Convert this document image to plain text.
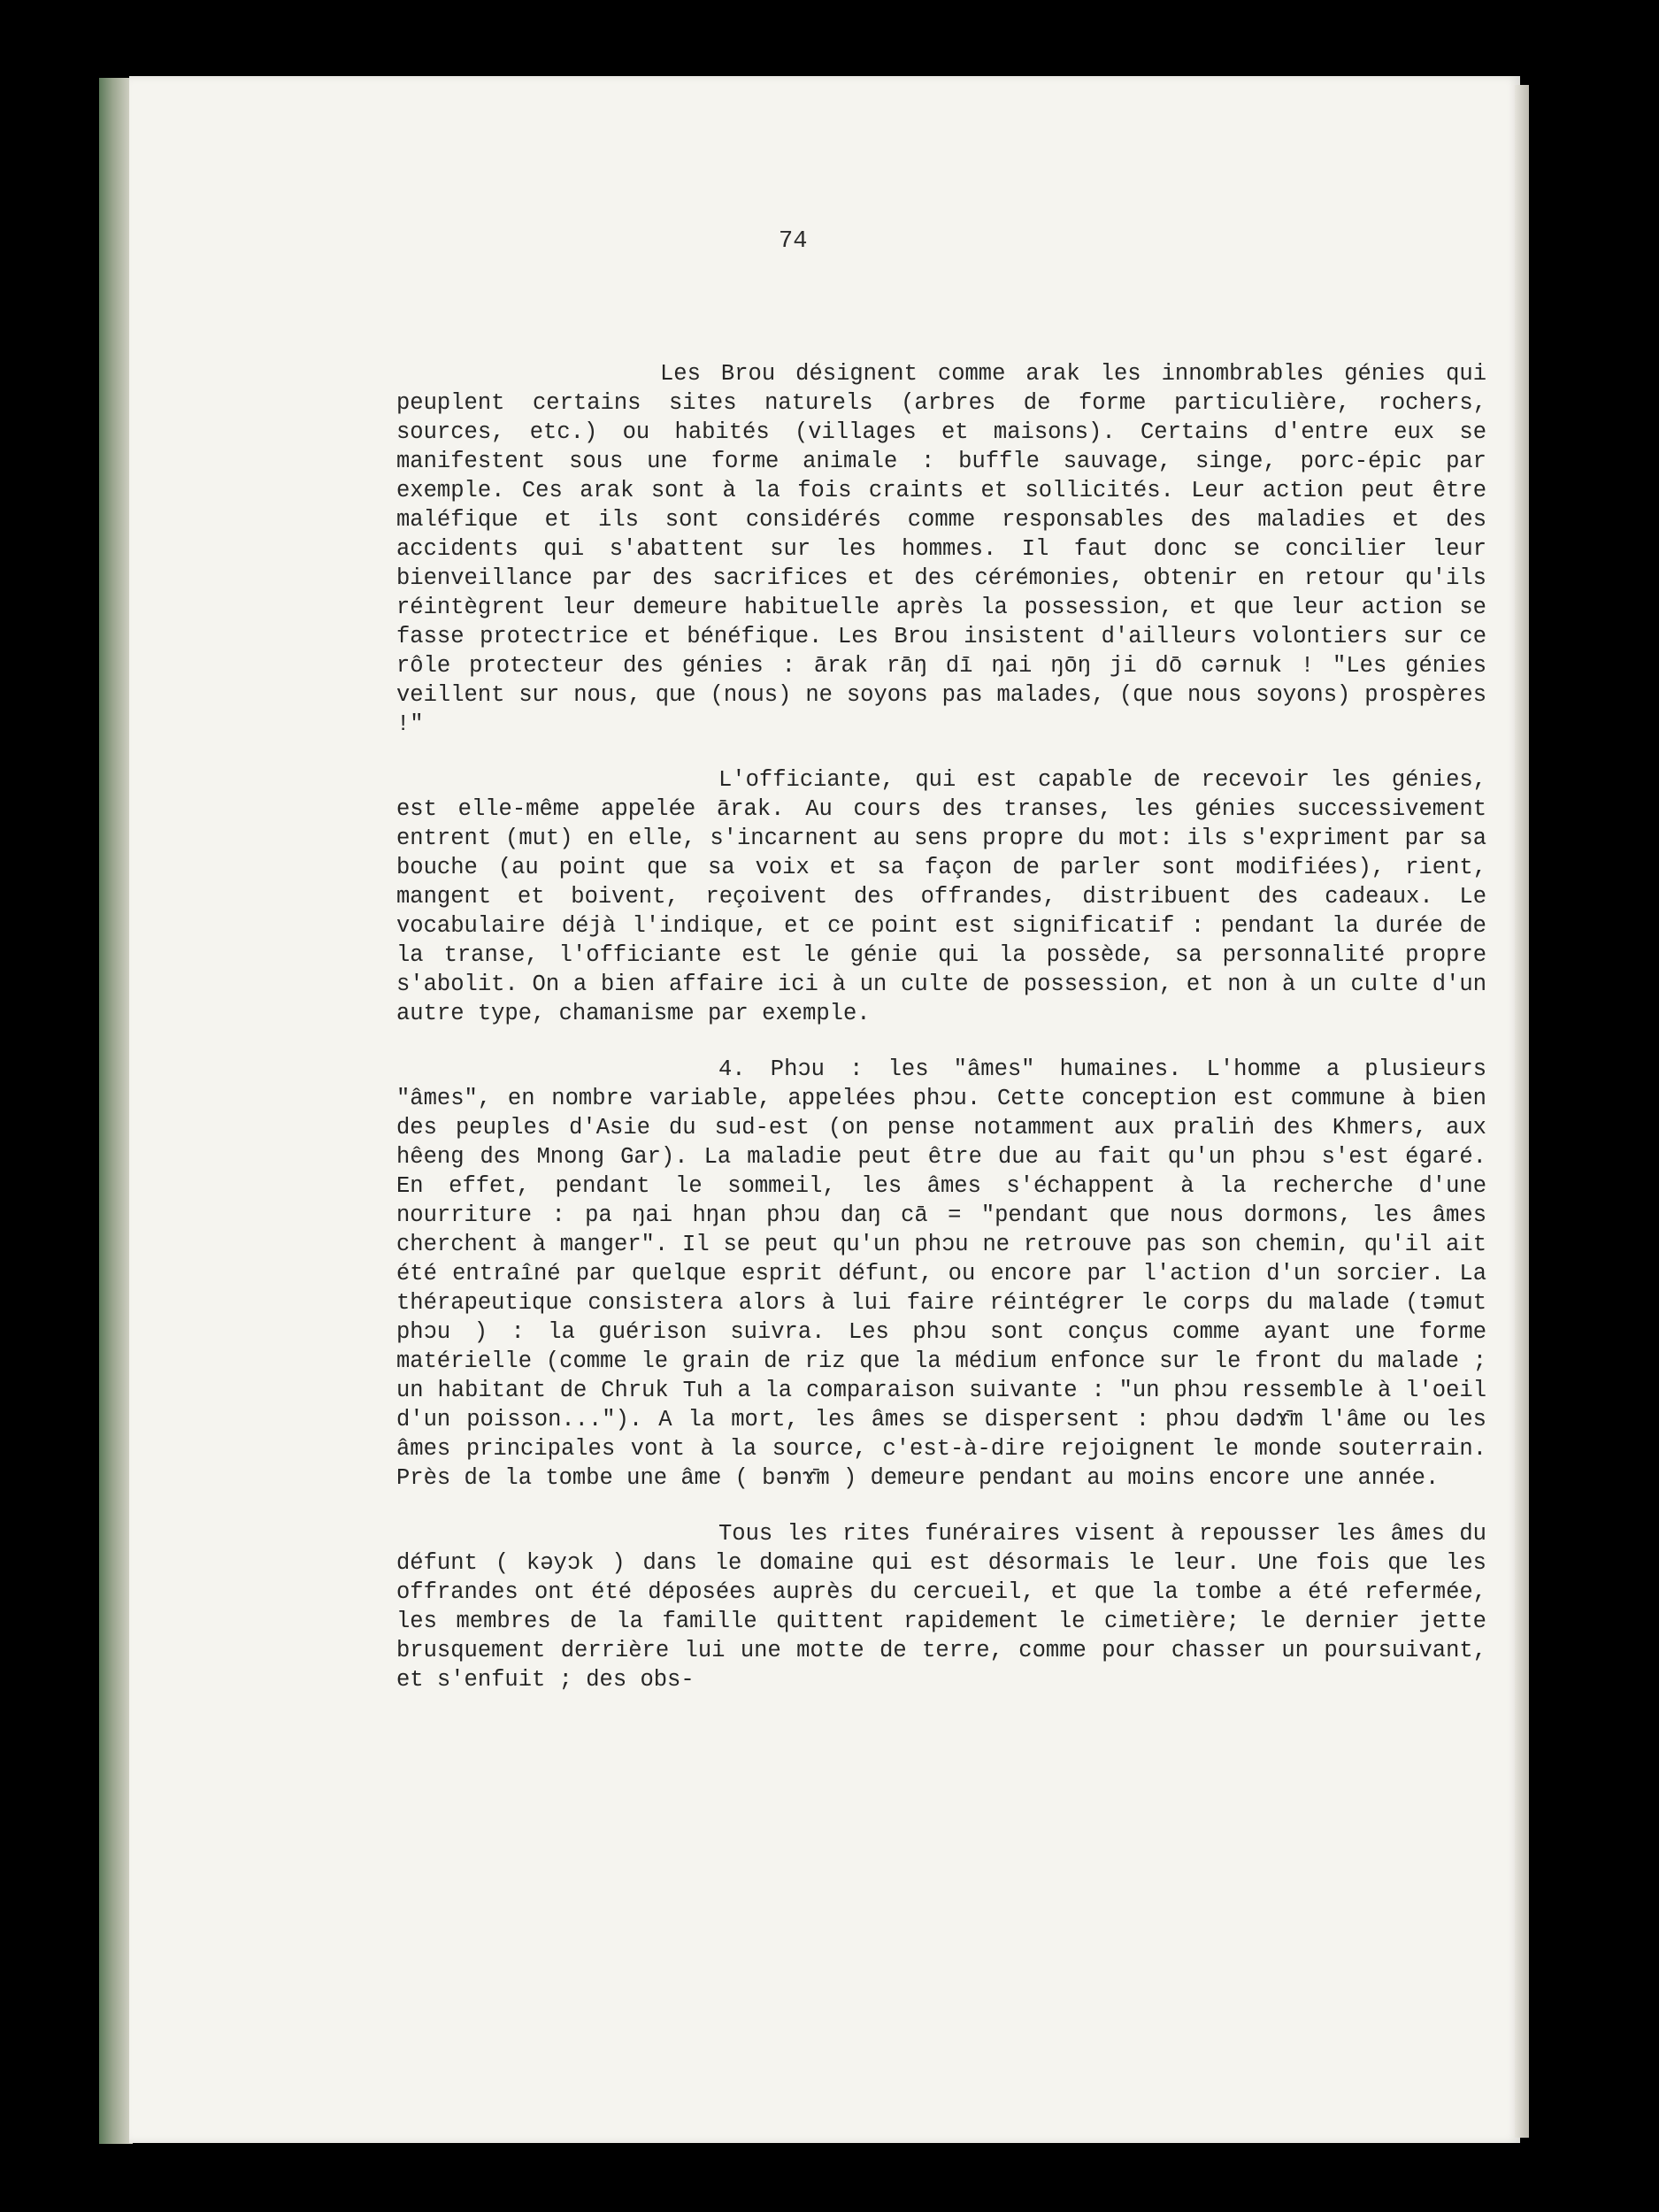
74

Les Brou désignent comme arak les innombrables génies qui peuplent certains sites naturels (arbres de forme particulière, rochers, sources, etc.) ou habités (villages et maisons). Certains d'entre eux se manifestent sous une forme animale : buffle sauvage, singe, porc-épic par exemple. Ces arak sont à la fois craints et sollicités. Leur action peut être maléfique et ils sont considérés comme responsables des maladies et des accidents qui s'abattent sur les hommes. Il faut donc se concilier leur bienveillance par des sacrifices et des cérémonies, obtenir en retour qu'ils réintègrent leur demeure habituelle après la possession, et que leur action se fasse protectrice et bénéfique. Les Brou insistent d'ailleurs volontiers sur ce rôle protecteur des génies : ārak rāŋ dī ŋai ŋōŋ ji dō cərnuk ! "Les génies veillent sur nous, que (nous) ne soyons pas malades, (que nous soyons) prospères !"

L'officiante, qui est capable de recevoir les génies, est elle-même appelée ārak. Au cours des transes, les génies successivement entrent (mut) en elle, s'incarnent au sens propre du mot: ils s'expriment par sa bouche (au point que sa voix et sa façon de parler sont modifiées), rient, mangent et boivent, reçoivent des offrandes, distribuent des cadeaux. Le vocabulaire déjà l'indique, et ce point est significatif : pendant la durée de la transe, l'officiante est le génie qui la possède, sa personnalité propre s'abolit. On a bien affaire ici à un culte de possession, et non à un culte d'un autre type, chamanisme par exemple.

4. Phɔu : les "âmes" humaines. L'homme a plusieurs "âmes", en nombre variable, appelées phɔu. Cette conception est commune à bien des peuples d'Asie du sud-est (on pense notamment aux praliṅ des Khmers, aux hêeng des Mnong Gar). La maladie peut être due au fait qu'un phɔu s'est égaré. En effet, pendant le sommeil, les âmes s'échappent à la recherche d'une nourriture : pa ŋai hŋan phɔu daŋ cā = "pendant que nous dormons, les âmes cherchent à manger". Il se peut qu'un phɔu ne retrouve pas son chemin, qu'il ait été entraîné par quelque esprit défunt, ou encore par l'action d'un sorcier. La thérapeutique consistera alors à lui faire réintégrer le corps du malade (təmut phɔu ) : la guérison suivra. Les phɔu sont conçus comme ayant une forme matérielle (comme le grain de riz que la médium enfonce sur le front du malade ; un habitant de Chruk Tuh a la comparaison suivante : "un phɔu ressemble à l'oeil d'un poisson..."). A la mort, les âmes se dispersent : phɔu dədɤ̄m l'âme ou les âmes principales vont à la source, c'est-à-dire rejoignent le monde souterrain. Près de la tombe une âme ( bənɤ̄m ) demeure pendant au moins encore une année.

Tous les rites funéraires visent à repousser les âmes du défunt ( kəyɔk ) dans le domaine qui est désormais le leur. Une fois que les offrandes ont été déposées auprès du cercueil, et que la tombe a été refermée, les membres de la famille quittent rapidement le cimetière; le dernier jette brusquement derrière lui une motte de terre, comme pour chasser un poursuivant, et s'enfuit ; des obs-
